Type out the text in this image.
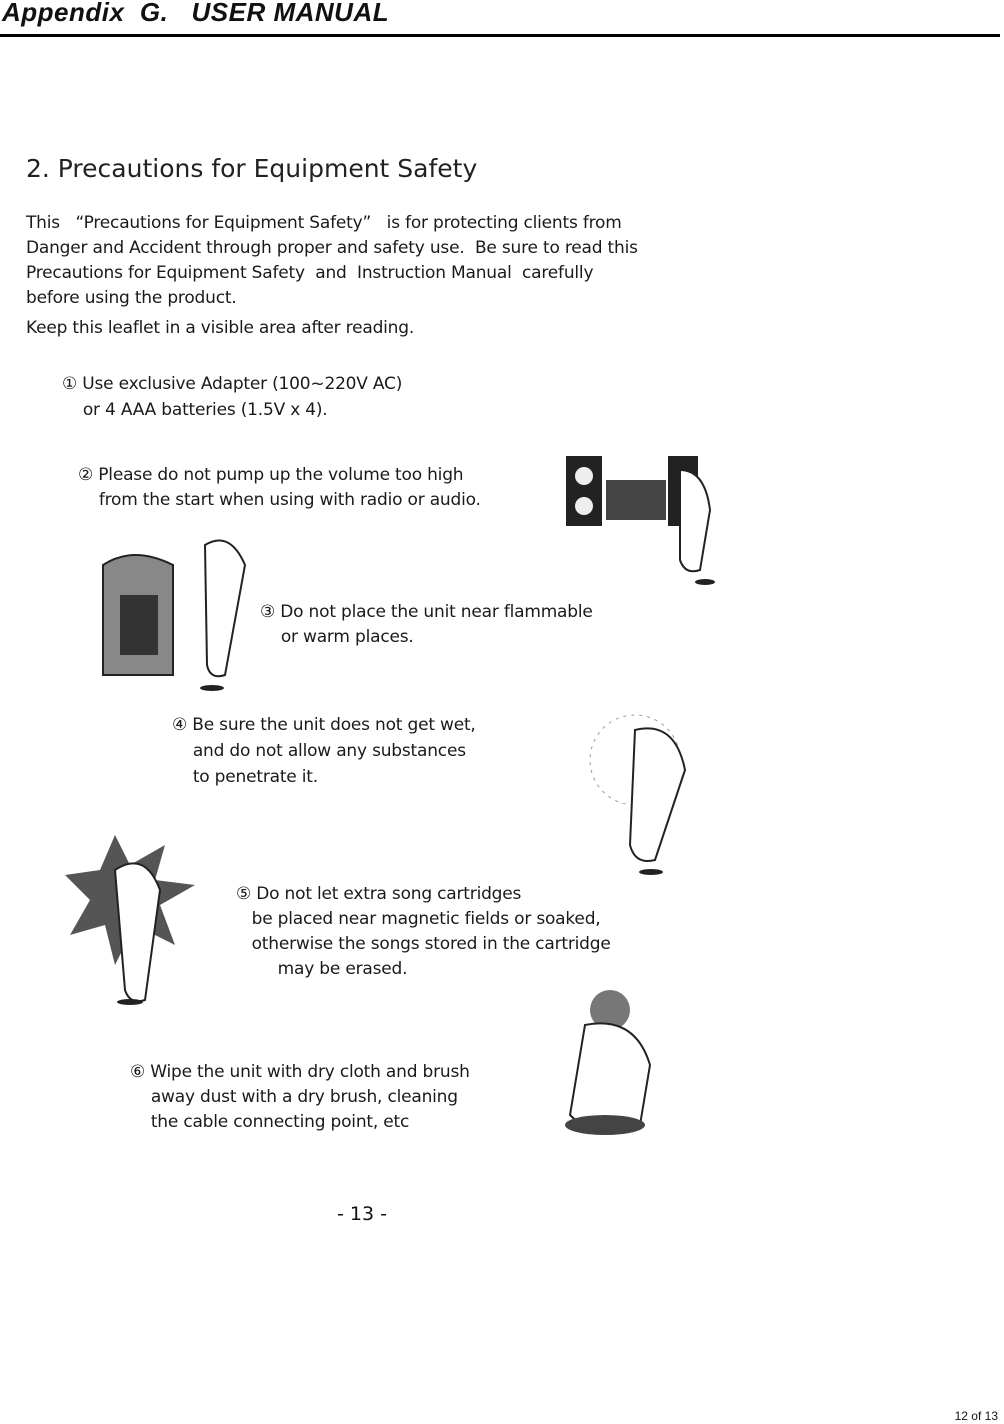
Appendix  G.   USER MANUAL
2. Precautions for Equipment Safety
This   “Precautions for Equipment Safety”   is for protecting clients from
Danger and Accident through proper and safety use.  Be sure to read this
Precautions for Equipment Safety  and  Instruction Manual  carefully
before using the product.
Keep this leaflet in a visible area after reading.
① Use exclusive Adapter (100~220V AC)
or 4 AAA batteries (1.5V x 4).
② Please do not pump up the volume too high
from the start when using with radio or audio.
③ Do not place the unit near flammable
or warm places.
④ Be sure the unit does not get wet,
and do not allow any substances
to penetrate it.
⑤ Do not let extra song cartridges
be placed near magnetic fields or soaked,
otherwise the songs stored in the cartridge
may be erased.
⑥ Wipe the unit with dry cloth and brush
away dust with a dry brush, cleaning
the cable connecting point, etc
- 13 -
12 of 13
